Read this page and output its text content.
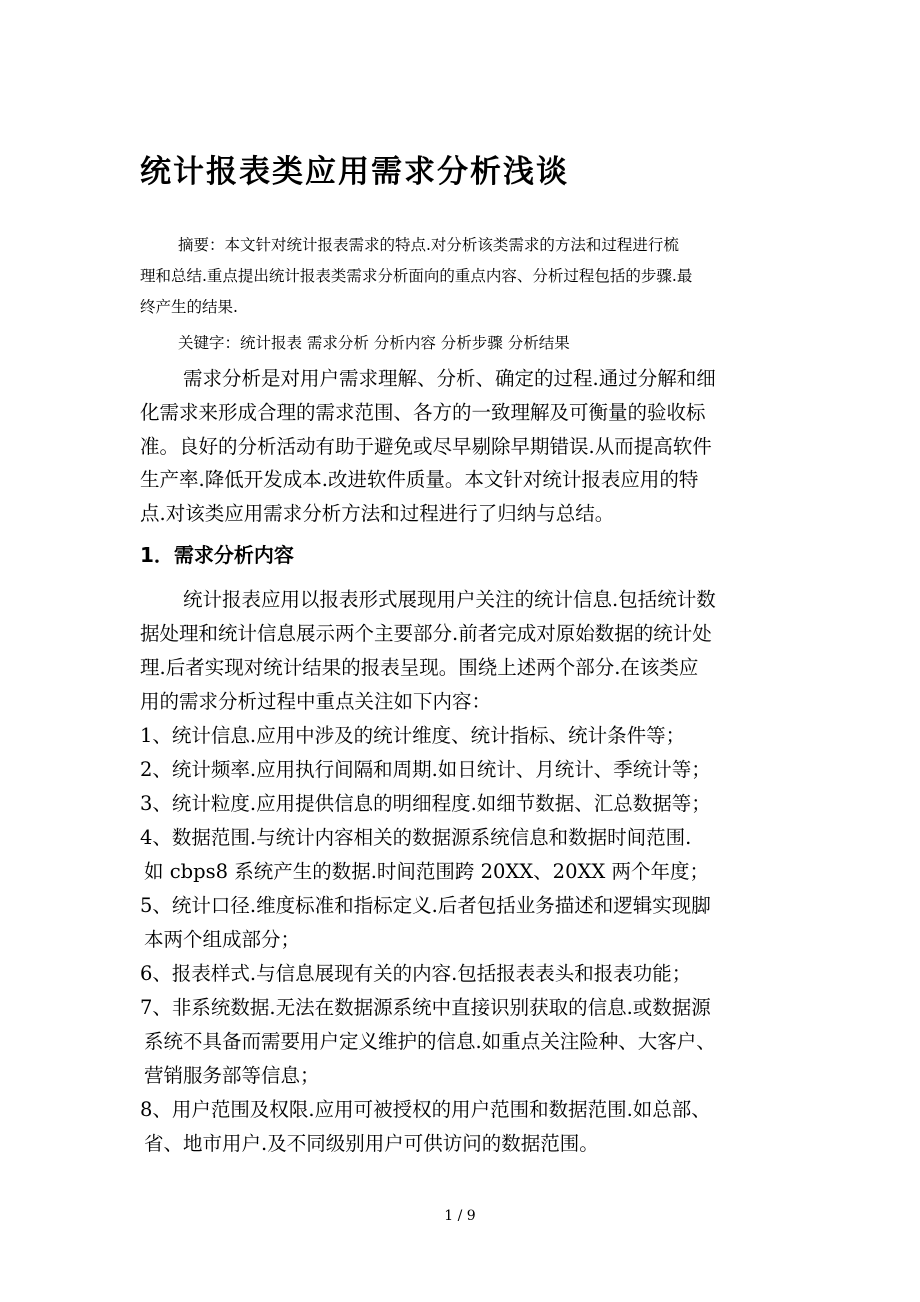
统计报表类应用需求分析浅谈

摘要：本文针对统计报表需求的特点.对分析该类需求的方法和过程进行梳

理和总结.重点提出统计报表类需求分析面向的重点内容、分析过程包括的步骤.最

终产生的结果.

关键字：统计报表 需求分析 分析内容 分析步骤 分析结果

需求分析是对用户需求理解、分析、确定的过程.通过分解和细

化需求来形成合理的需求范围、各方的一致理解及可衡量的验收标

准。良好的分析活动有助于避免或尽早剔除早期错误.从而提高软件

生产率.降低开发成本.改进软件质量。本文针对统计报表应用的特

点.对该类应用需求分析方法和过程进行了归纳与总结。

1．需求分析内容

统计报表应用以报表形式展现用户关注的统计信息.包括统计数

据处理和统计信息展示两个主要部分.前者完成对原始数据的统计处

理.后者实现对统计结果的报表呈现。围绕上述两个部分.在该类应

用的需求分析过程中重点关注如下内容：

1、统计信息.应用中涉及的统计维度、统计指标、统计条件等；

2、统计频率.应用执行间隔和周期.如日统计、月统计、季统计等；

3、统计粒度.应用提供信息的明细程度.如细节数据、汇总数据等；

4、数据范围.与统计内容相关的数据源系统信息和数据时间范围.

如 cbps8 系统产生的数据.时间范围跨 20XX、20XX 两个年度；

5、统计口径.维度标准和指标定义.后者包括业务描述和逻辑实现脚

本两个组成部分；

6、报表样式.与信息展现有关的内容.包括报表表头和报表功能；

7、非系统数据.无法在数据源系统中直接识别获取的信息.或数据源

系统不具备而需要用户定义维护的信息.如重点关注险种、大客户、

营销服务部等信息；

8、用户范围及权限.应用可被授权的用户范围和数据范围.如总部、

省、地市用户.及不同级别用户可供访问的数据范围。

1 / 9
